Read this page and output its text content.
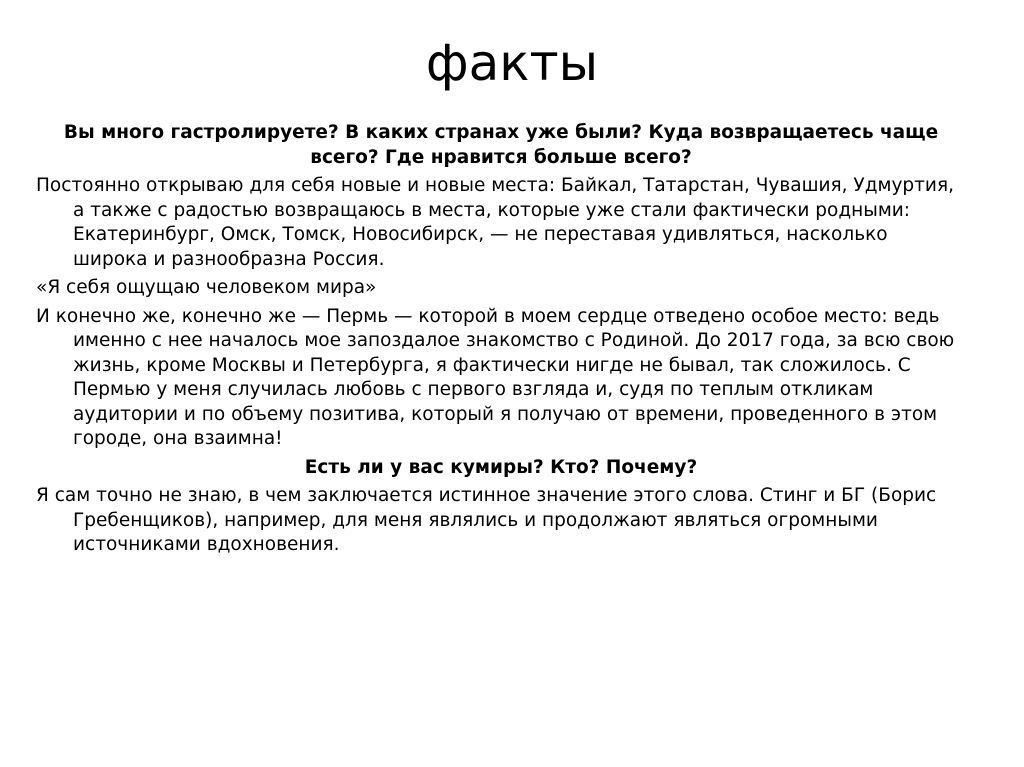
факты

Вы много гастролируете? В каких странах уже были? Куда возвращаетесь чаще всего? Где нравится больше всего?

Постоянно открываю для себя новые и новые места: Байкал, Татарстан, Чувашия, Удмуртия, а также с радостью возвращаюсь в места, которые уже стали фактически родными: Екатеринбург, Омск, Томск, Новосибирск, — не переставая удивляться, насколько широка и разнообразна Россия.

«Я себя ощущаю человеком мира»

И конечно же, конечно же — Пермь — которой в моем сердце отведено особое место: ведь именно с нее началось мое запоздалое знакомство с Родиной. До 2017 года, за всю свою жизнь, кроме Москвы и Петербурга, я фактически нигде не бывал, так сложилось. С Пермью у меня случилась любовь с первого взгляда и, судя по теплым откликам аудитории и по объему позитива, который я получаю от времени, проведенного в этом городе, она взаимна!

Есть ли у вас кумиры? Кто? Почему?

Я сам точно не знаю, в чем заключается истинное значение этого слова. Стинг и БГ (Борис Гребенщиков), например, для меня являлись и продолжают являться огромными источниками вдохновения.
